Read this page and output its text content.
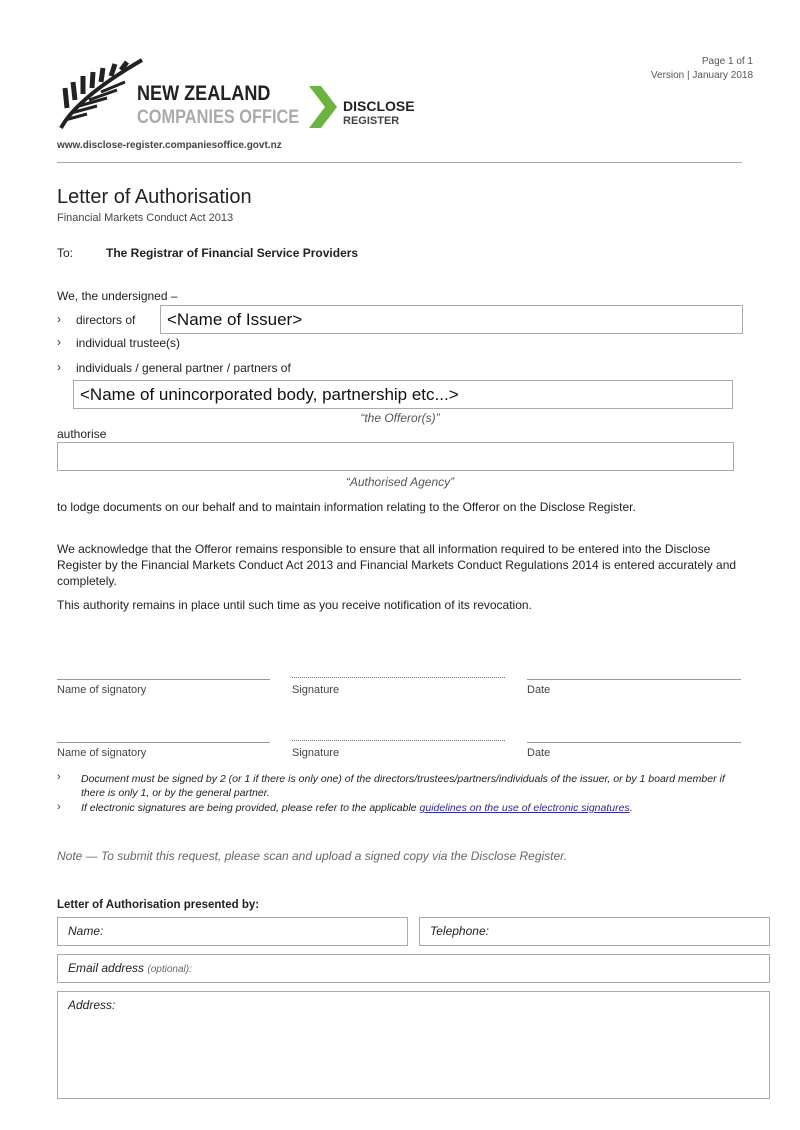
Page 1 of 1
Version | January 2018
NEW ZEALAND
COMPANIES OFFICE
DISCLOSE
REGISTER
www.disclose-register.companiesoffice.govt.nz
Letter of Authorisation
Financial Markets Conduct Act 2013
To:	The Registrar of Financial Service Providers
We, the undersigned –
› directors of
› individual trustee(s)
› individuals / general partner / partners of
<Name of Issuer>
<Name of unincorporated body, partnership etc...>
“the Offeror(s)”
authorise
“Authorised Agency”
to lodge documents on our behalf and to maintain information relating to the Offeror on the Disclose Register.
We acknowledge that the Offeror remains responsible to ensure that all information required to be entered into the Disclose Register by the Financial Markets Conduct Act 2013 and Financial Markets Conduct Regulations 2014 is entered accurately and completely.
This authority remains in place until such time as you receive notification of its revocation.
Name of signatory	Signature	Date
Name of signatory	Signature	Date
› Document must be signed by 2 (or 1 if there is only one) of the directors/trustees/partners/individuals of the issuer, or by 1 board member if there is only 1, or by the general partner.
› If electronic signatures are being provided, please refer to the applicable guidelines on the use of electronic signatures.
Note — To submit this request, please scan and upload a signed copy via the Disclose Register.
Letter of Authorisation presented by:
Name:	Telephone:
Email address (optional):
Address:
